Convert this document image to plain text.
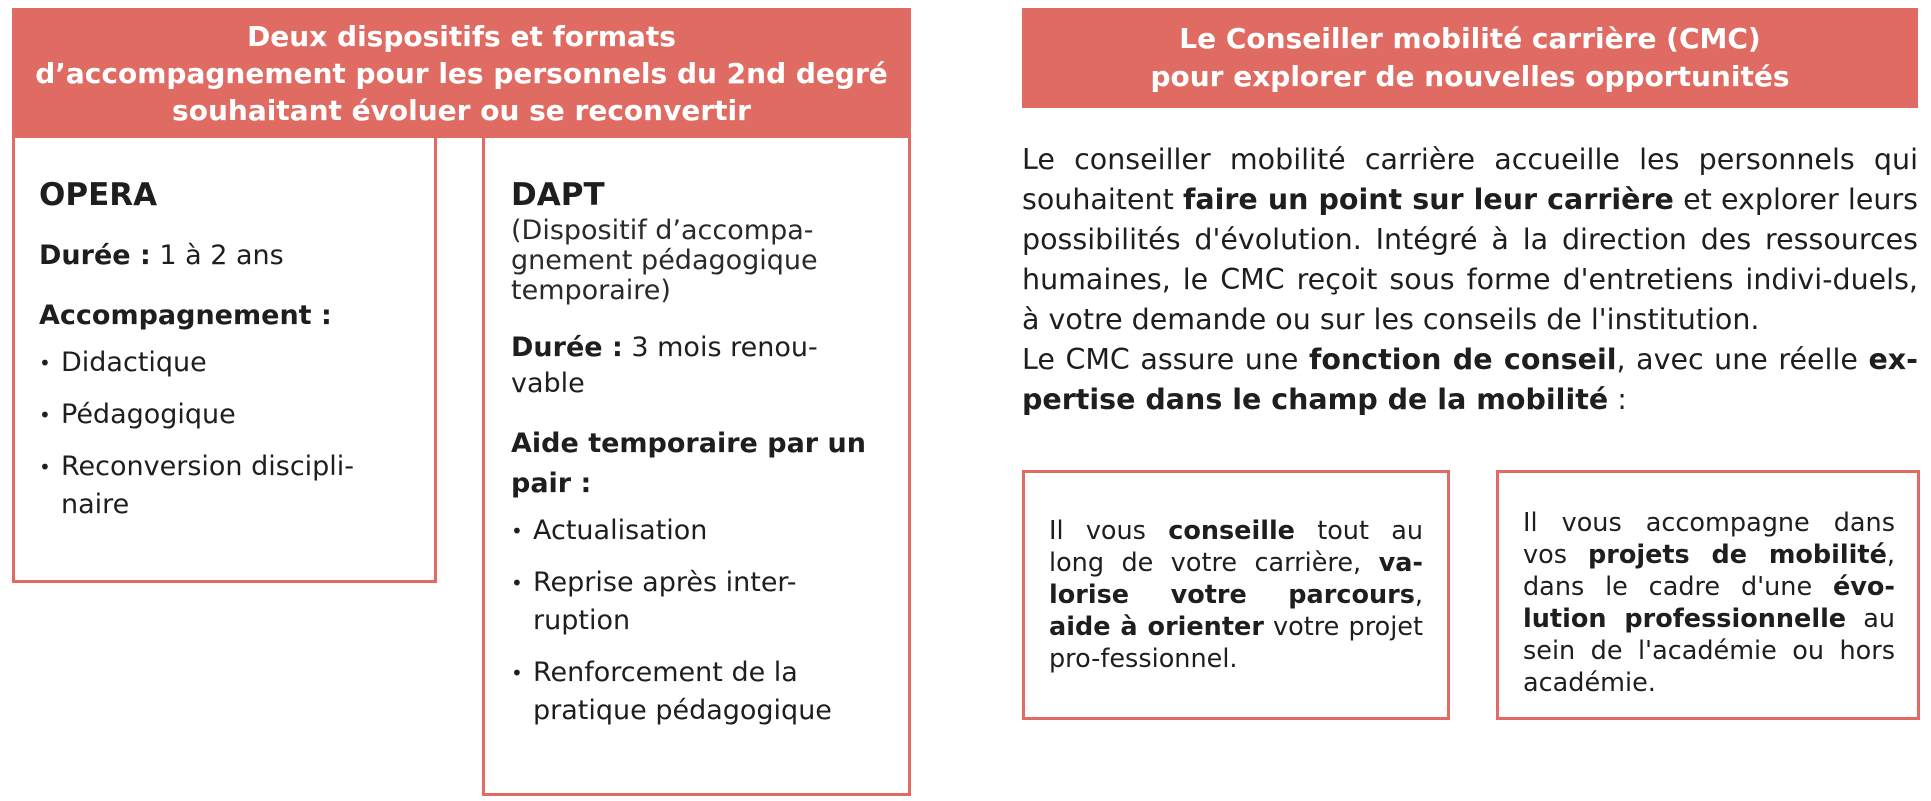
Deux dispositifs et formats
d’accompagnement pour les personnels du 2nd degré
souhaitant évoluer ou se reconvertir

OPERA

Durée : 1 à 2 ans

Accompagnement :

• Didactique
• Pédagogique
• Reconversion discipli-naire

DAPT

(Dispositif d’accompa-gnement pédagogique temporaire)

Durée : 3 mois renou-vable

Aide temporaire par un pair :

• Actualisation
• Reprise après inter-ruption
• Renforcement de la pratique pédagogique
Le Conseiller mobilité carrière (CMC)
pour explorer de nouvelles opportunités

Le conseiller mobilité carrière accueille les personnels qui souhaitent faire un point sur leur carrière et explorer leurs possibilités d'évolution. Intégré à la direction des ressources humaines, le CMC reçoit sous forme d'entretiens indivi-duels, à votre demande ou sur les conseils de l'institution.

Le CMC assure une fonction de conseil, avec une réelle ex-pertise dans le champ de la mobilité :

Il vous conseille tout au long de votre carrière, va-lorise votre parcours, aide à orienter votre projet pro-fessionnel.

Il vous accompagne dans vos projets de mobilité, dans le cadre d'une évo-lution professionnelle au sein de l'académie ou hors académie.
